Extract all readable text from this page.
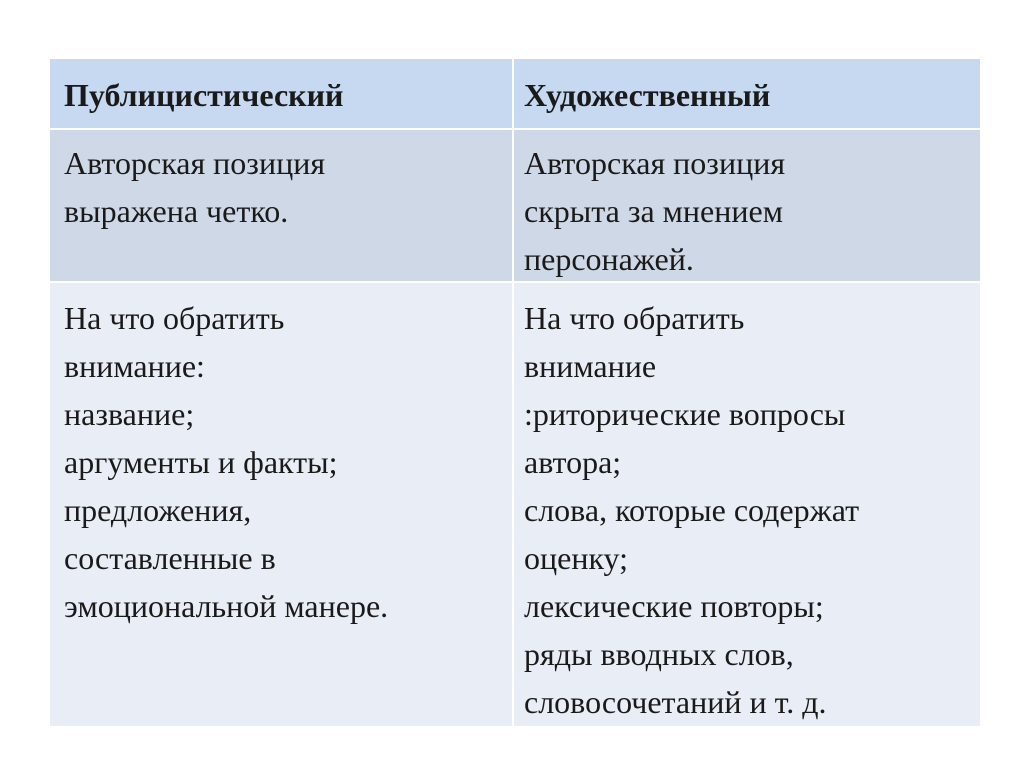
Публицистический	Художественный
Авторская позиция
выражена четко.
Авторская позиция
скрыта за мнением
персонажей.
На что обратить
внимание:
название;
аргументы и факты;
предложения,
составленные в
эмоциональной манере.
На что обратить
внимание
:риторические вопросы
автора;
слова, которые содержат
оценку;
лексические повторы;
ряды вводных слов,
словосочетаний и т. д.
